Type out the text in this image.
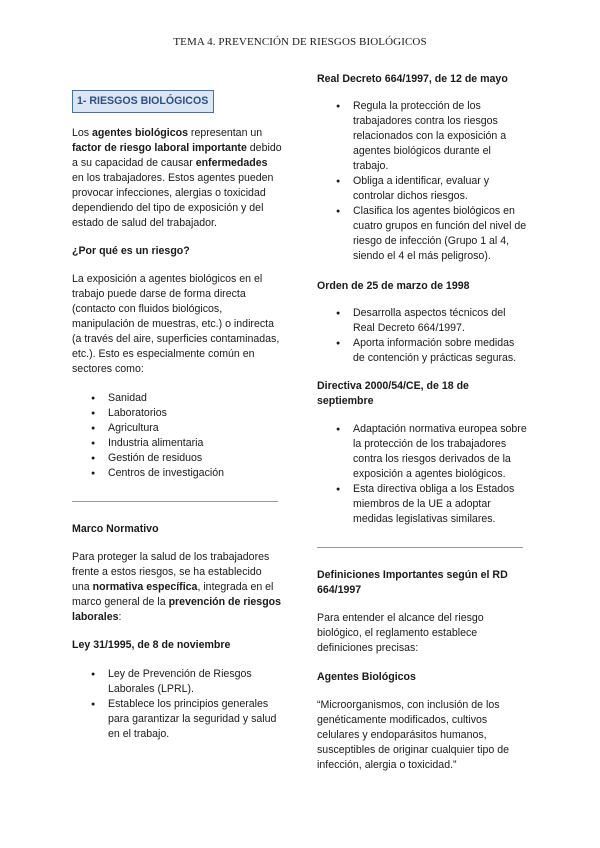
TEMA 4. PREVENCIÓN DE RIESGOS BIOLÓGICOS
1- RIESGOS BIOLÓGICOS

Los agentes biológicos representan un factor de riesgo laboral importante debido a su capacidad de causar enfermedades en los trabajadores. Estos agentes pueden provocar infecciones, alergias o toxicidad dependiendo del tipo de exposición y del estado de salud del trabajador.

¿Por qué es un riesgo?

La exposición a agentes biológicos en el trabajo puede darse de forma directa (contacto con fluidos biológicos, manipulación de muestras, etc.) o indirecta (a través del aire, superficies contaminadas, etc.). Esto es especialmente común en sectores como:

● Sanidad
● Laboratorios
● Agricultura
● Industria alimentaria
● Gestión de residuos
● Centros de investigación

Marco Normativo

Para proteger la salud de los trabajadores frente a estos riesgos, se ha establecido una normativa específica, integrada en el marco general de la prevención de riesgos laborales:

Ley 31/1995, de 8 de noviembre

● Ley de Prevención de Riesgos Laborales (LPRL).
● Establece los principios generales para garantizar la seguridad y salud en el trabajo.

Real Decreto 664/1997, de 12 de mayo

● Regula la protección de los trabajadores contra los riesgos relacionados con la exposición a agentes biológicos durante el trabajo.
● Obliga a identificar, evaluar y controlar dichos riesgos.
● Clasifica los agentes biológicos en cuatro grupos en función del nivel de riesgo de infección (Grupo 1 al 4, siendo el 4 el más peligroso).

Orden de 25 de marzo de 1998

● Desarrolla aspectos técnicos del Real Decreto 664/1997.
● Aporta información sobre medidas de contención y prácticas seguras.

Directiva 2000/54/CE, de 18 de septiembre

● Adaptación normativa europea sobre la protección de los trabajadores contra los riesgos derivados de la exposición a agentes biológicos.
● Esta directiva obliga a los Estados miembros de la UE a adoptar medidas legislativas similares.

Definiciones Importantes según el RD 664/1997

Para entender el alcance del riesgo biológico, el reglamento establece definiciones precisas:

Agentes Biológicos

“Microorganismos, con inclusión de los genéticamente modificados, cultivos celulares y endoparásitos humanos, susceptibles de originar cualquier tipo de infección, alergia o toxicidad.”
